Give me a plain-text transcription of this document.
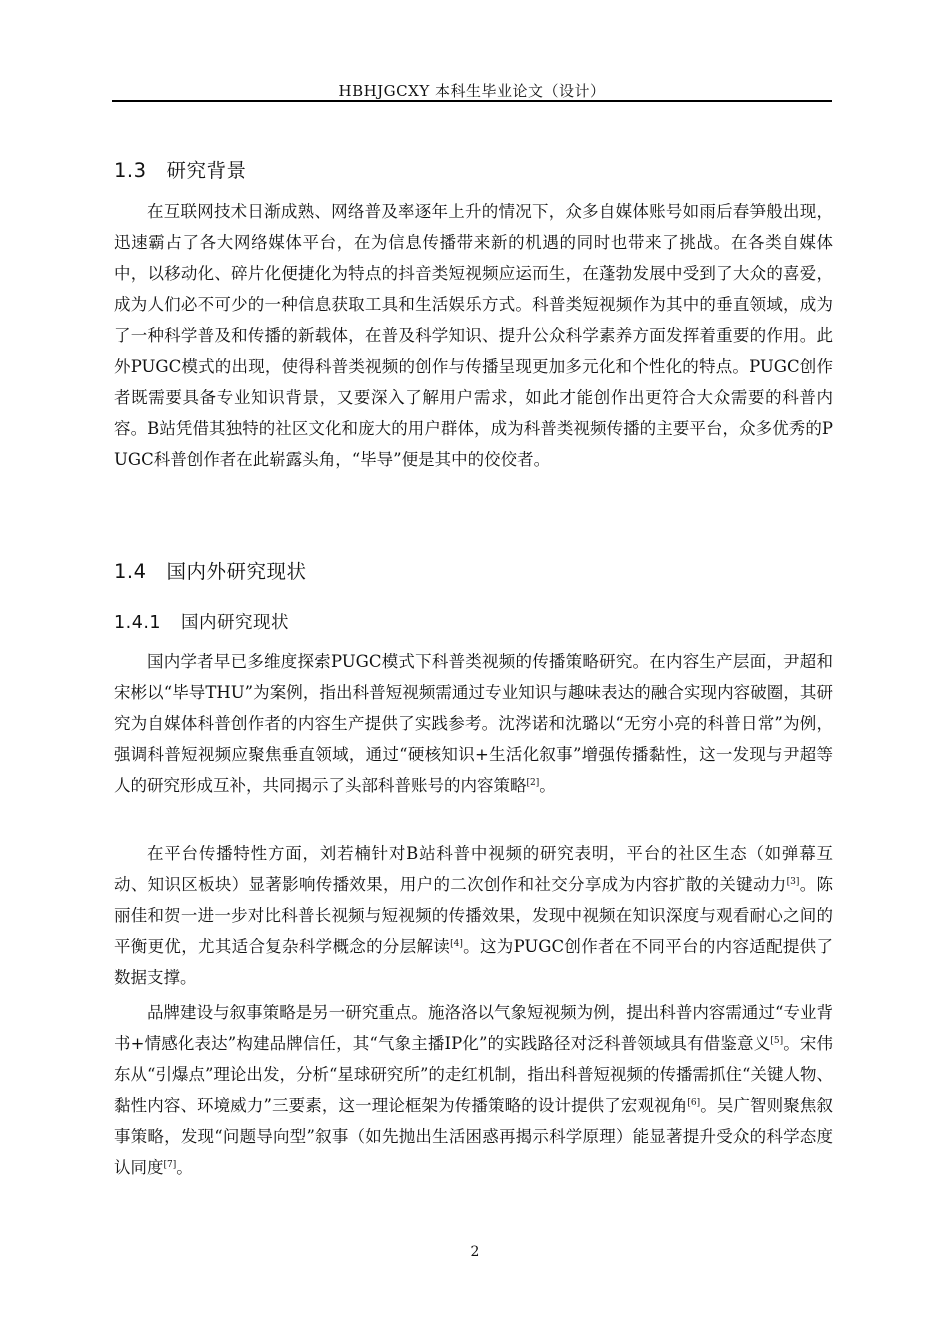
HBHJGCXY 本科生毕业论文（设计）
1.3 研究背景

在互联网技术日渐成熟、网络普及率逐年上升的情况下，众多自媒体账号如雨后春笋般出现，迅速霸占了各大网络媒体平台，在为信息传播带来新的机遇的同时也带来了挑战。在各类自媒体中，以移动化、碎片化便捷化为特点的抖音类短视频应运而生，在蓬勃发展中受到了大众的喜爱，成为人们必不可少的一种信息获取工具和生活娱乐方式。科普类短视频作为其中的垂直领域，成为了一种科学普及和传播的新载体，在普及科学知识、提升公众科学素养方面发挥着重要的作用。此外PUGC模式的出现，使得科普类视频的创作与传播呈现更加多元化和个性化的特点。PUGC创作者既需要具备专业知识背景，又要深入了解用户需求，如此才能创作出更符合大众需要的科普内容。B站凭借其独特的社区文化和庞大的用户群体，成为科普类视频传播的主要平台，众多优秀的PUGC科普创作者在此崭露头角，“毕导”便是其中的佼佼者。

1.4 国内外研究现状
1.4.1 国内研究现状

国内学者早已多维度探索PUGC模式下科普类视频的传播策略研究。在内容生产层面，尹超和宋彬以“毕导THU”为案例，指出科普短视频需通过专业知识与趣味表达的融合实现内容破圈，其研究为自媒体科普创作者的内容生产提供了实践参考。沈涔诺和沈璐以“无穷小亮的科普日常”为例，强调科普短视频应聚焦垂直领域，通过“硬核知识+生活化叙事”增强传播黏性，这一发现与尹超等人的研究形成互补，共同揭示了头部科普账号的内容策略[2]。

在平台传播特性方面，刘若楠针对B站科普中视频的研究表明，平台的社区生态（如弹幕互动、知识区板块）显著影响传播效果，用户的二次创作和社交分享成为内容扩散的关键动力[3]。陈丽佳和贺一进一步对比科普长视频与短视频的传播效果，发现中视频在知识深度与观看耐心之间的平衡更优，尤其适合复杂科学概念的分层解读[4]。这为PUGC创作者在不同平台的内容适配提供了数据支撑。

品牌建设与叙事策略是另一研究重点。施洛洛以气象短视频为例，提出科普内容需通过“专业背书+情感化表达”构建品牌信任，其“气象主播IP化”的实践路径对泛科普领域具有借鉴意义[5]。宋伟东从“引爆点”理论出发，分析“星球研究所”的走红机制，指出科普短视频的传播需抓住“关键人物、黏性内容、环境威力”三要素，这一理论框架为传播策略的设计提供了宏观视角[6]。吴广智则聚焦叙事策略，发现“问题导向型”叙事（如先抛出生活困惑再揭示科学原理）能显著提升受众的科学态度认同度[7]。

2
